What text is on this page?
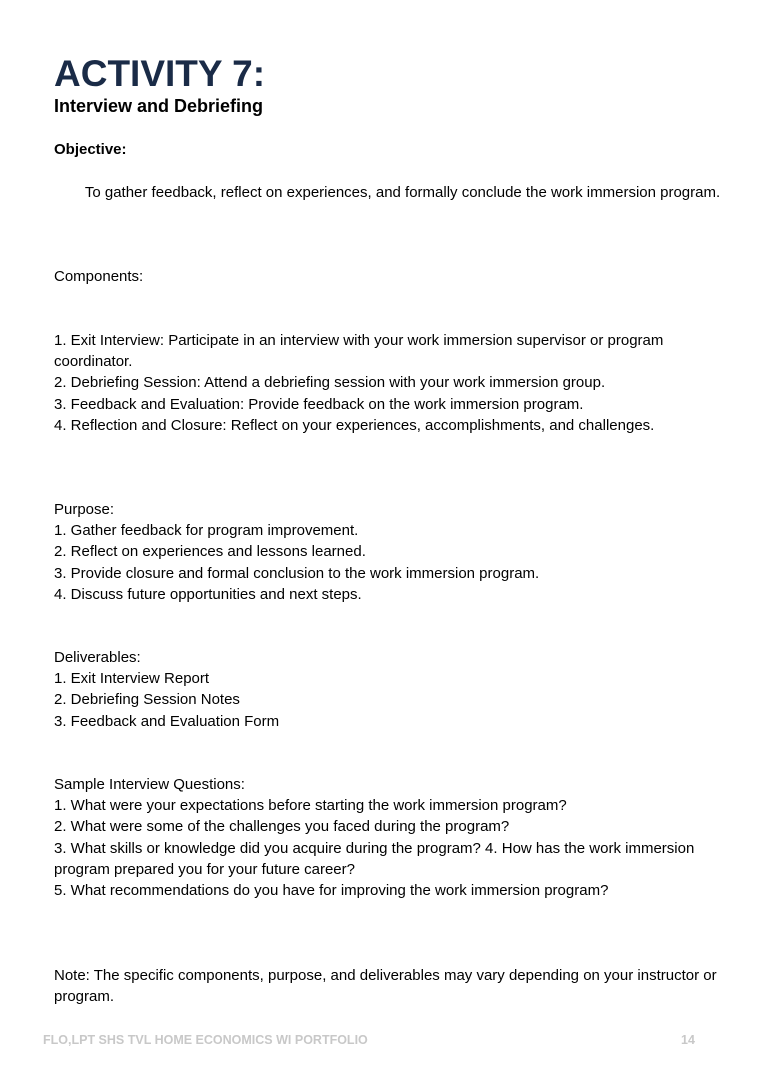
ACTIVITY 7:
Interview and Debriefing
Objective:
To gather feedback, reflect on experiences, and formally conclude the work immersion program.
Components:
1. Exit Interview: Participate in an interview with your work immersion supervisor or program coordinator.
2. Debriefing Session: Attend a debriefing session with your work immersion group.
3. Feedback and Evaluation: Provide feedback on the work immersion program.
4. Reflection and Closure: Reflect on your experiences, accomplishments, and challenges.
Purpose:
1. Gather feedback for program improvement.
2. Reflect on experiences and lessons learned.
3. Provide closure and formal conclusion to the work immersion program.
4. Discuss future opportunities and next steps.
Deliverables:
1. Exit Interview Report
2. Debriefing Session Notes
3. Feedback and Evaluation Form
Sample Interview Questions:
1. What were your expectations before starting the work immersion program?
2. What were some of the challenges you faced during the program?
3. What skills or knowledge did you acquire during the program? 4. How has the work immersion program prepared you for your future career?
5. What recommendations do you have for improving the work immersion program?
Note: The specific components, purpose, and deliverables may vary depending on your instructor or program.
FLO,LPT SHS TVL HOME ECONOMICS WI PORTFOLIO	14
